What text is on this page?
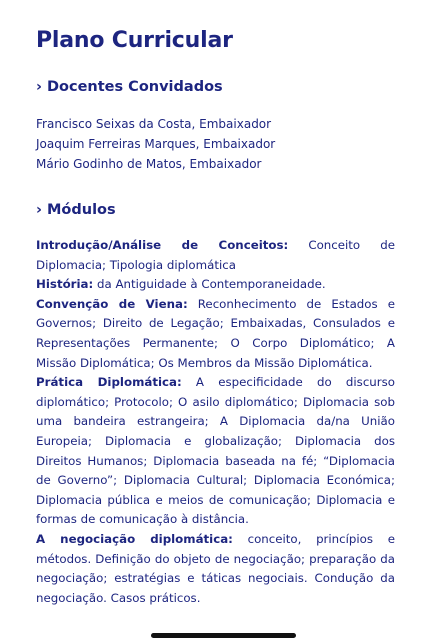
Plano Curricular
› Docentes Convidados
Francisco Seixas da Costa, Embaixador
Joaquim Ferreiras Marques, Embaixador
Mário Godinho de Matos, Embaixador
› Módulos

Introdução/Análise de Conceitos: Conceito de Diplomacia; Tipologia diplomática

História: da Antiguidade à Contemporaneidade.

Convenção de Viena: Reconhecimento de Estados e Governos; Direito de Legação; Embaixadas, Consulados e Representações Permanente; O Corpo Diplomático; A Missão Diplomática; Os Membros da Missão Diplomática.

Prática Diplomática: A especificidade do discurso diplomático; Protocolo; O asilo diplomático; Diplomacia sob uma bandeira estrangeira; A Diplomacia da/na União Europeia; Diplomacia e globalização; Diplomacia dos Direitos Humanos; Diplomacia baseada na fé; “Diplomacia de Governo”; Diplomacia Cultural; Diplomacia Económica; Diplomacia pública e meios de comunicação; Diplomacia e formas de comunicação à distância.

A negociação diplomática: conceito, princípios e métodos. Definição do objeto de negociação; preparação da negociação; estratégias e táticas negociais. Condução da negociação. Casos práticos.
